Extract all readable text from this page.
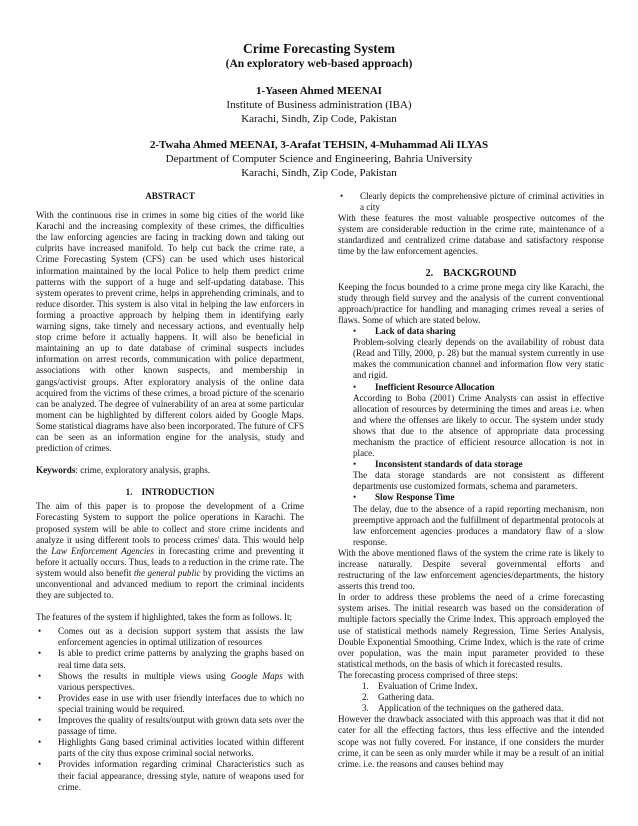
Crime Forecasting System
(An exploratory web-based approach)
1-Yaseen Ahmed MEENAI
Institute of Business administration (IBA)
Karachi, Sindh, Zip Code, Pakistan
2-Twaha Ahmed MEENAI, 3-Arafat TEHSIN, 4-Muhammad Ali ILYAS
Department of Computer Science and Engineering, Bahria University
Karachi, Sindh, Zip Code, Pakistan
ABSTRACT

With the continuous rise in crimes in some big cities of the world like Karachi and the increasing complexity of these crimes, the difficulties the law enforcing agencies are facing in tracking down and taking out culprits have increased manifold. To help cut back the crime rate, a Crime Forecasting System (CFS) can be used which uses historical information maintained by the local Police to help them predict crime patterns with the support of a huge and self-updating database. This system operates to prevent crime, helps in apprehending criminals, and to reduce disorder. This system is also vital in helping the law enforcers in forming a proactive approach by helping them in identifying early warning signs, take timely and necessary actions, and eventually help stop crime before it actually happens. It will also be beneficial in maintaining an up to date database of criminal suspects includes information on arrest records, communication with police department, associations with other known suspects, and membership in gangs/activist groups. After exploratory analysis of the online data acquired from the victims of these crimes, a broad picture of the scenario can be analyzed. The degree of vulnerability of an area at some particular moment can be highlighted by different colors aided by Google Maps. Some statistical diagrams have also been incorporated. The future of CFS can be seen as an information engine for the analysis, study and prediction of crimes.

Keywords: crime, exploratory analysis, graphs.

1.    INTRODUCTION

The aim of this paper is to propose the development of a Crime Forecasting System to support the police operations in Karachi. The proposed system will be able to collect and store crime incidents and analyze it using different tools to process crimes' data. This would help the Law Enforcement Agencies in forecasting crime and preventing it before it actually occurs. Thus, leads to a reduction in the crime rate. The system would also benefit the general public by providing the victims an unconventional and advanced medium to report the criminal incidents they are subjected to.

The features of the system if highlighted, takes the form as follows. It;

• Comes out as a decision support system that assists the law enforcement agencies in optimal utilization of resources
• Is able to predict crime patterns by analyzing the graphs based on real time data sets.
• Shows the results in multiple views using Google Maps with various perspectives.
• Provides ease in use with user friendly interfaces due to which no special training would be required.
• Improves the quality of results/output with grown data sets over the passage of time.
• Highlights Gang based criminal activities located within different parts of the city thus expose criminal social networks.
• Provides information regarding criminal Characteristics such as their facial appearance, dressing style, nature of weapons used for crime.
• Clearly depicts the comprehensive picture of criminal activities in a city

With these features the most valuable prospective outcomes of the system are considerable reduction in the crime rate, maintenance of a standardized and centralized crime database and satisfactory response time by the law enforcement agencies.

2.    BACKGROUND

Keeping the focus bounded to a crime prone mega city like Karachi, the study through field survey and the analysis of the current conventional approach/practice for handling and managing crimes reveal a series of flaws. Some of which are stated below.

• Lack of data sharing
Problem-solving clearly depends on the availability of robust data (Read and Tilly, 2000, p. 28) but the manual system currently in use makes the communication channel and information flow very static and rigid.
• Inefficient Resource Allocation
According to Boba (2001) Crime Analysts can assist in effective allocation of resources by determining the times and areas i.e. when and where the offenses are likely to occur. The system under study shows that due to the absence of appropriate data processing mechanism the practice of efficient resource allocation is not in place.
• Inconsistent standards of data storage
The data storage standards are not consistent as different departments use customized formats, schema and parameters.
• Slow Response Time
The delay, due to the absence of a rapid reporting mechanism, non preemptive approach and the fulfillment of departmental protocols at law enforcement agencies produces a mandatory flaw of a slow response.

With the above mentioned flaws of the system the crime rate is likely to increase naturally. Despite several governmental efforts and restructuring of the law enforcement agencies/departments, the history asserts this trend too.

In order to address these problems the need of a crime forecasting system arises. The initial research was based on the consideration of multiple factors specially the Crime Index. This approach employed the use of statistical methods namely Regression, Time Series Analysis, Double Exponential Smoothing. Crime Index, which is the rate of crime over population, was the main input parameter provided to these statistical methods, on the basis of which it forecasted results.

The forecasting process comprised of three steps:

1. Evaluation of Crime Index.
2. Gathering data.
3. Application of the techniques on the gathered data.

However the drawback associated with this approach was that it did not cater for all the effecting factors, thus less effective and the intended scope was not fully covered. For instance, if one considers the murder crime, it can be seen as only murder while it may be a result of an initial crime. i.e. the reasons and causes behind may
